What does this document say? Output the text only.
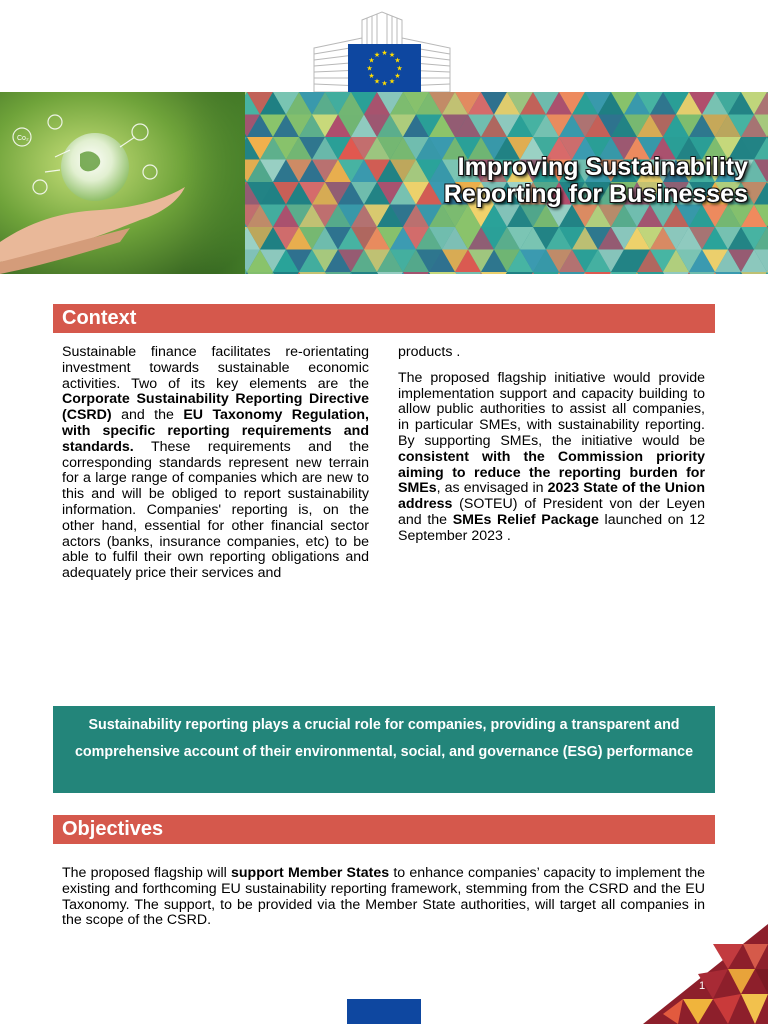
★ ★
★
★
★
★
★
★
★
★
★
★
Improving Sustainability
Reporting for Businesses
Context

Sustainable finance facilitates re-orientating investment towards sustainable economic activities. Two of its key elements are the Corporate Sustainability Reporting Directive (CSRD) and the EU Taxonomy Regulation, with specific reporting requirements and standards. These requirements and the corresponding standards represent new terrain for a large range of companies which are new to this and will be obliged to report sustainability information. Companies' reporting is, on the other hand, essential for other financial sector actors (banks, insurance companies, etc) to be able to fulfil their own reporting obligations and adequately price their services and

products .

The proposed flagship initiative would provide implementation support and capacity building to allow public authorities to assist all companies, in particular SMEs, with sustainability reporting. By supporting SMEs, the initiative would be consistent with the Commission priority aiming to reduce the reporting burden for SMEs, as envisaged in 2023 State of the Union address (SOTEU) of President von der Leyen and the SMEs Relief Package launched on 12 September 2023 .

Sustainability reporting plays a crucial role for companies, providing a transparent and comprehensive account of their environmental, social, and governance (ESG) performance
Objectives

The proposed flagship will support Member States to enhance companies’ capacity to implement the existing and forthcoming EU sustainability reporting framework, stemming from the CSRD and the EU Taxonomy. The support, to be provided via the Member State authorities, will target all companies in the scope of the CSRD.

1
